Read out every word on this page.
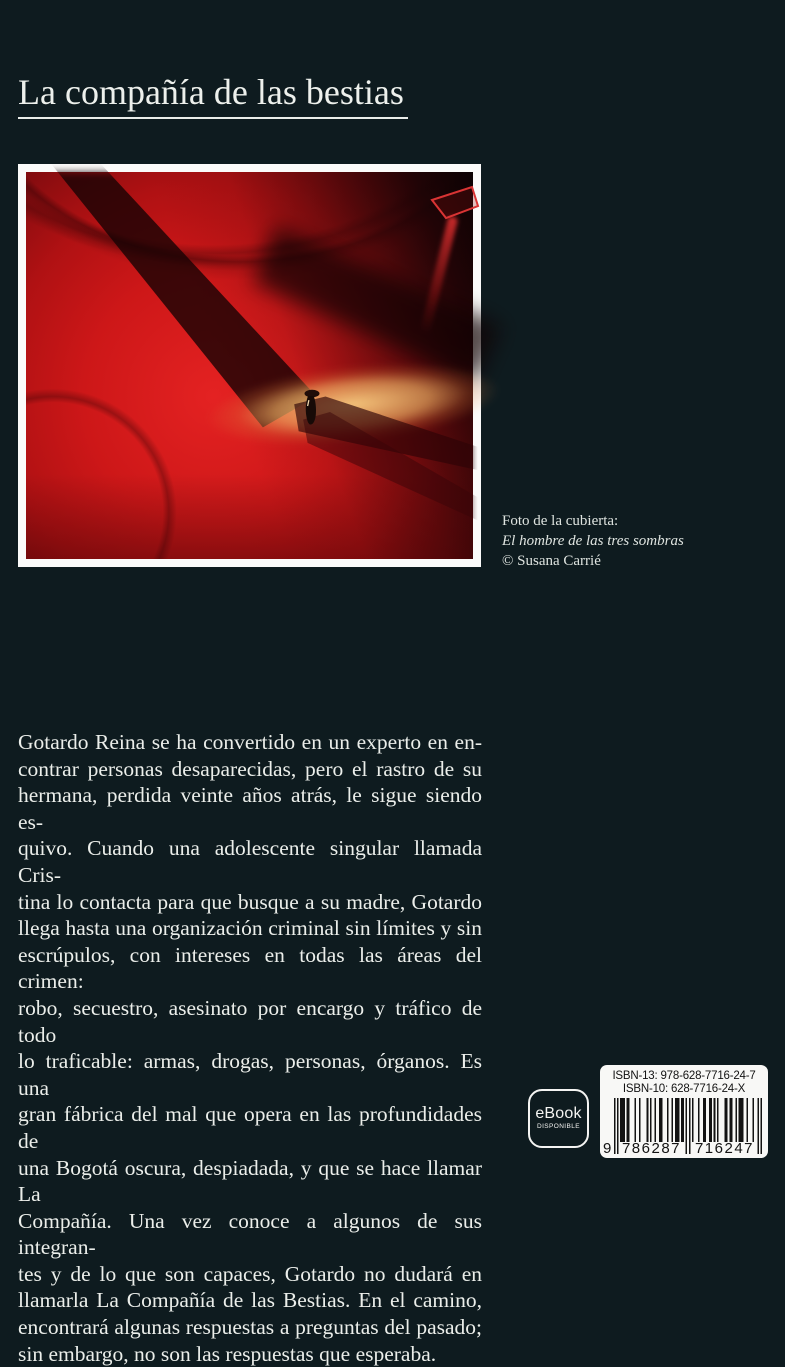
La compañía de las bestias
Foto de la cubierta:
El hombre de las tres sombras
© Susana Carrié
Gotardo Reina se ha convertido en un experto en en-
contrar personas desaparecidas, pero el rastro de su
hermana, perdida veinte años atrás, le sigue siendo es-
quivo. Cuando una adolescente singular llamada Cris-
tina lo contacta para que busque a su madre, Gotardo
llega hasta una organización criminal sin límites y sin
escrúpulos, con intereses en todas las áreas del crimen:
robo, secuestro, asesinato por encargo y tráfico de todo
lo traficable: armas, drogas, personas, órganos. Es una
gran fábrica del mal que opera en las profundidades de
una Bogotá oscura, despiadada, y que se hace llamar La
Compañía. Una vez conoce a algunos de sus integran-
tes y de lo que son capaces, Gotardo no dudará en
llamarla La Compañía de las Bestias. En el camino,
encontrará algunas respuestas a preguntas del pasado;
sin embargo, no son las respuestas que esperaba.
eBook
DISPONIBLE
ISBN-13: 978-628-7716-24-7
ISBN-10: 628-7716-24-X
9 786287 716247
